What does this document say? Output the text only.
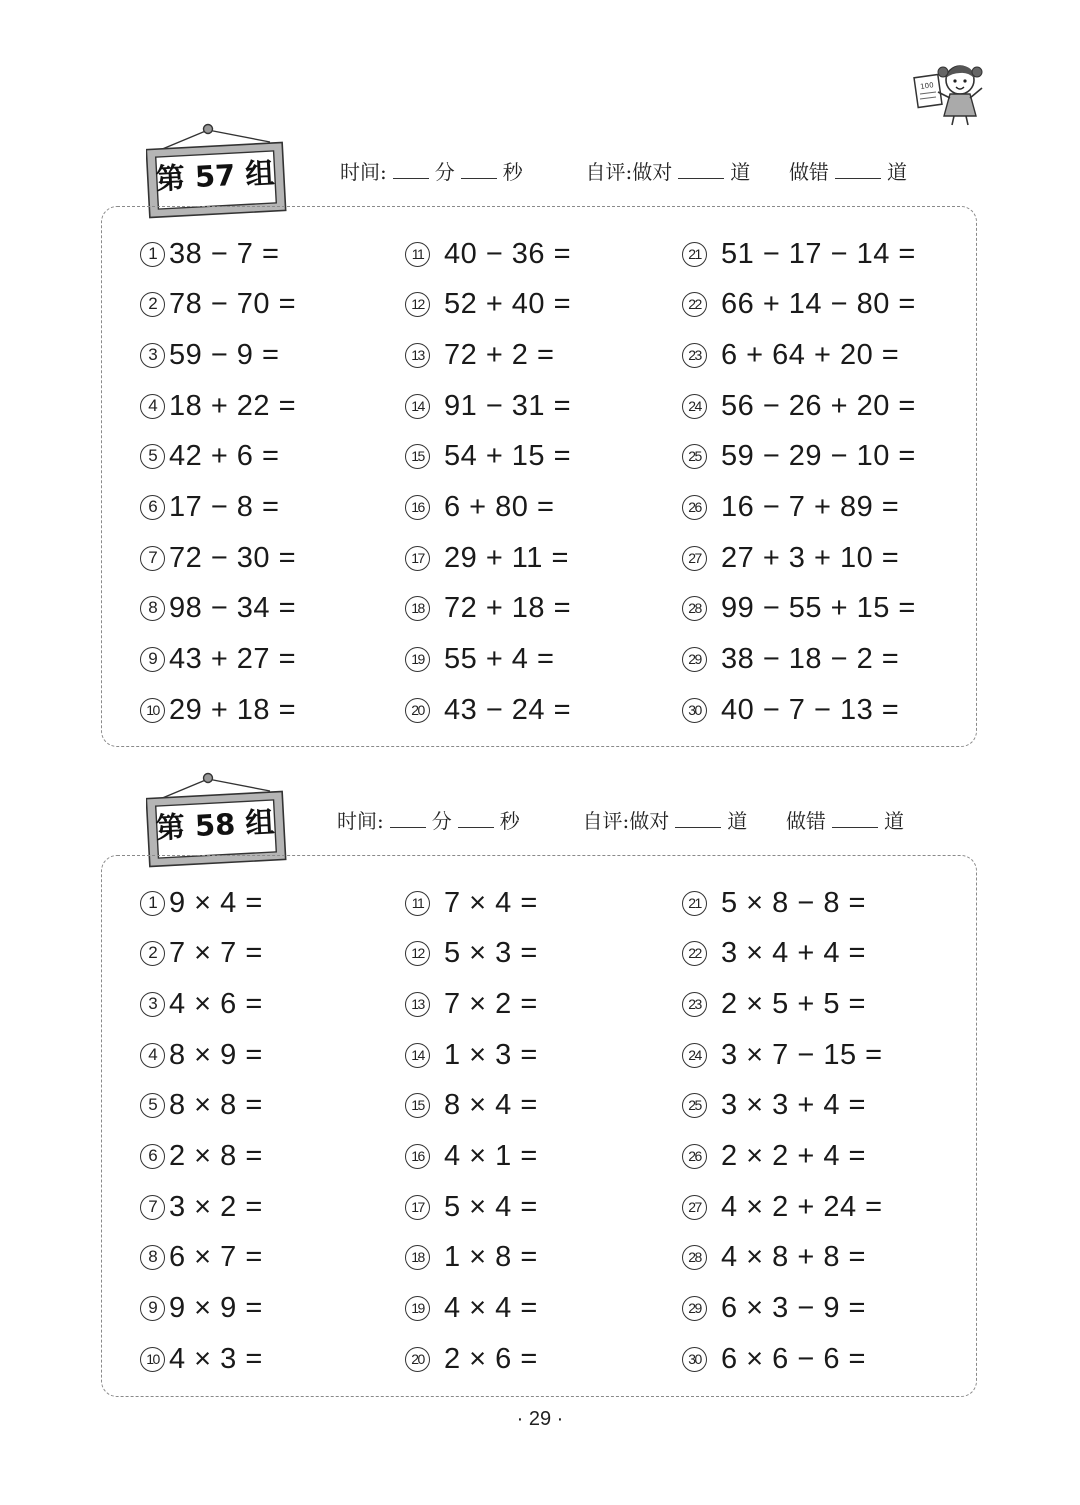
100
第 57 组	时间: 分 秒	自评:做对	道 做错	道
1 38 − 7 =
2 78 − 70 =
3 59 − 9 =
4 18 + 22 =
5 42 + 6 =
6 17 − 8 =
7 72 − 30 =
8 98 − 34 =
9 43 + 27 =
10 29 + 18 =
11 40 − 36 =
12 52 + 40 =
13 72 + 2 =
14 91 − 31 =
15 54 + 15 =
16 6 + 80 =
17 29 + 11 =
18 72 + 18 =
19 55 + 4 =
20 43 − 24 =
21 51 − 17 − 14 =
22 66 + 14 − 80 =
23 6 + 64 + 20 =
24 56 − 26 + 20 =
25 59 − 29 − 10 =
26 16 − 7 + 89 =
27 27 + 3 + 10 =
28 99 − 55 + 15 =
29 38 − 18 − 2 =
30 40 − 7 − 13 =
第 58 组	时间: 分 秒	自评:做对	道 做错	道
1 9 × 4 =
2 7 × 7 =
3 4 × 6 =
4 8 × 9 =
5 8 × 8 =
6 2 × 8 =
7 3 × 2 =
8 6 × 7 =
9 9 × 9 =
10 4 × 3 =
11 7 × 4 =
12 5 × 3 =
13 7 × 2 =
14 1 × 3 =
15 8 × 4 =
16 4 × 1 =
17 5 × 4 =
18 1 × 8 =
19 4 × 4 =
20 2 × 6 =
21 5 × 8 − 8 =
22 3 × 4 + 4 =
23 2 × 5 + 5 =
24 3 × 7 − 15 =
25 3 × 3 + 4 =
26 2 × 2 + 4 =
27 4 × 2 + 24 =
28 4 × 8 + 8 =
29 6 × 3 − 9 =
30 6 × 6 − 6 =
· 29 ·
